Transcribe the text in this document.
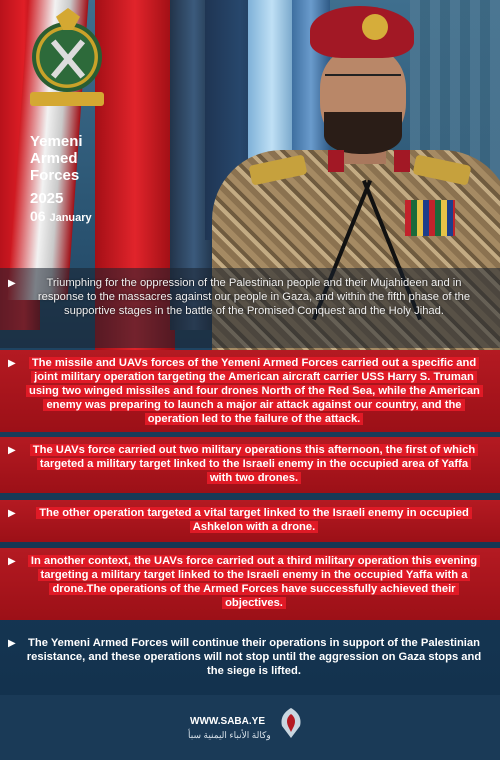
Yemeni Armed Forces
2025
06 January
▶	Triumphing for the oppression of the Palestinian people and their Mujahideen and in response to the massacres against our people in Gaza, and within the fifth phase of the supportive stages in the battle of the Promised Conquest and the Holy Jihad.
▶	The missile and UAVs forces of the Yemeni Armed Forces carried out a specific and joint military operation targeting the American aircraft carrier USS Harry S. Truman using two winged missiles and four drones North of the Red Sea, while the American enemy was preparing to launch a major air attack against our country, and the operation led to the failure of the attack.
▶	The UAVs force carried out two military operations this afternoon, the first of which targeted a military target linked to the Israeli enemy in the occupied area of Yaffa with two drones.
▶	The other operation targeted a vital target linked to the Israeli enemy in occupied Ashkelon with a drone.
▶	In another context, the UAVs force carried out a third military operation this evening targeting a military target linked to the Israeli enemy in the occupied Yaffa with a drone.The operations of the Armed Forces have successfully achieved their objectives.
▶ The Yemeni Armed Forces will continue their operations in support of the Palestinian resistance, and these operations will not stop until the aggression on Gaza stops and the siege is lifted.
WWW.SABA.YE
وكالة الأنباء اليمنية سبأ
